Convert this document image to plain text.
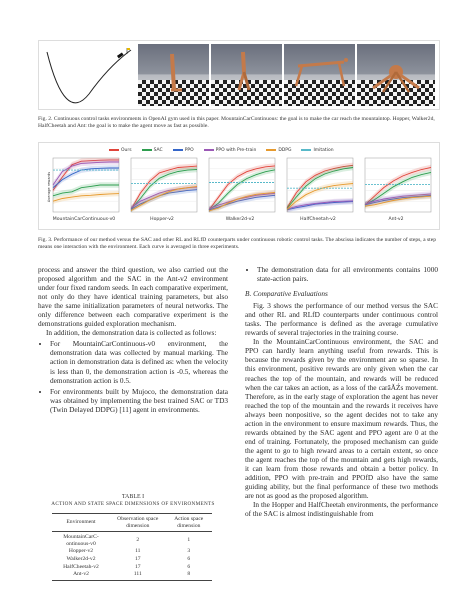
Fig. 2. Continuous control tasks environments in OpenAI gym used in this paper. MountainCarContinuous: the goal is to make the car reach the mountaintop. Hopper, Walker2d, HalfCheetah and Ant: the goal is to make the agent move as fast as possible.
Ours	SAC	PPO	PPO with Pre-train	DDPG	Imitation
Average rewards
MountainCarContinuous-v0	Hopper-v2	Walker2d-v2	HalfCheetah-v2	Ant-v2
Fig. 3. Performance of our method versus the SAC and other RL and RLfD counterparts under continuous robotic control tasks. The abscissa indicates the number of steps, a step means one interaction with the environment. Each curve is averaged in three experiments.

process and answer the third question, we also carried out the proposed algorithm and the SAC in the Ant-v2 environment under four fixed random seeds. In each comparative experiment, not only do they have identical training parameters, but also have the same initialization parameters of neural networks. The only difference between each comparative experiment is the demonstrations guided exploration mechanism.

In addition, the demonstration data is collected as follows:

• For MountainCarContinuous-v0 environment, the demonstration data was collected by manual marking. The action in demonstration data is defined as: when the velocity is less than 0, the demonstration action is -0.5, whereas the demonstration action is 0.5.
• For environments built by Mujoco, the demonstration data was obtained by implementing the best trained SAC or TD3 (Twin Delayed DDPG) [11] agent in environments.
TABLE I
ACTION AND STATE SPACE DIMENSIONS OF ENVIRONMENTS
Environment	Observation space dimension	Action space dimension
MountainCarC-ontinuous-v0	2	1
Hopper-v2	11	3
Walker2d-v2	17	6
HalfCheetah-v2	17	6
Ant-v2	111	8
• The demonstration data for all environments contains 1000 state-action pairs.

B. Comparative Evaluations

Fig. 3 shows the performance of our method versus the SAC and other RL and RLfD counterparts under continuous control tasks. The performance is defined as the average cumulative rewards of several trajectories in the training course.

In the MountainCarContinuous environment, the SAC and PPO can hardly learn anything useful from rewards. This is because the rewards given by the environment are so sparse. In this environment, positive rewards are only given when the car reaches the top of the mountain, and rewards will be reduced when the car takes an action, as a loss of the carâĂŹs movement. Therefore, as in the early stage of exploration the agent has never reached the top of the mountain and the rewards it receives have always been nonpositive, so the agent decides not to take any action in the environment to ensure maximum rewards. Thus, the rewards obtained by the SAC agent and PPO agent are 0 at the end of training. Fortunately, the proposed mechanism can guide the agent to go to high reward areas to a certain extent, so once the agent reaches the top of the mountain and gets high rewards, it can learn from those rewards and obtain a better policy. In addition, PPO with pre-train and PPOfD also have the same guiding ability, but the final performance of these two methods are not as good as the proposed algorithm.

In the Hopper and HalfCheetah environments, the performance of the SAC is almost indistinguishable from
